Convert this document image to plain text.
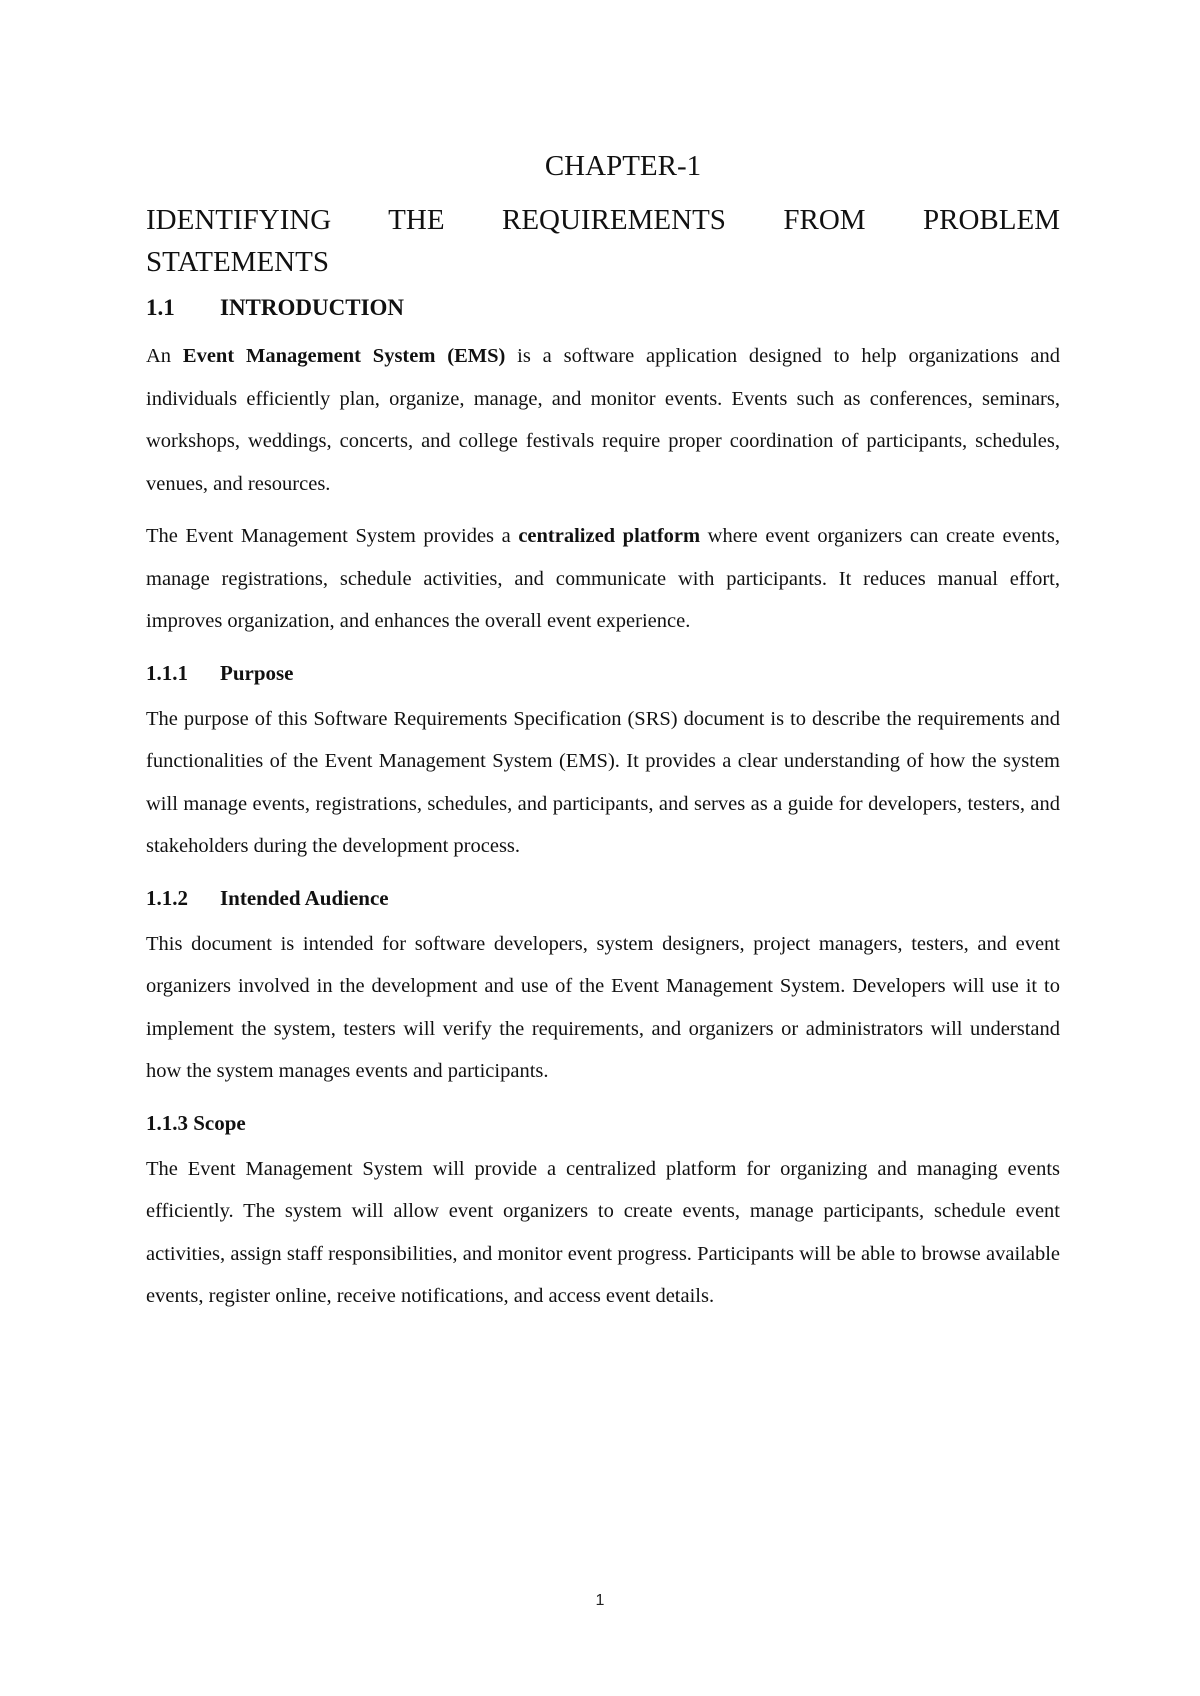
CHAPTER-1
IDENTIFYING THE REQUIREMENTS FROM PROBLEM STATEMENTS
1.1 INTRODUCTION

An Event Management System (EMS) is a software application designed to help organizations and individuals efficiently plan, organize, manage, and monitor events. Events such as conferences, seminars, workshops, weddings, concerts, and college festivals require proper coordination of participants, schedules, venues, and resources.

The Event Management System provides a centralized platform where event organizers can create events, manage registrations, schedule activities, and communicate with participants. It reduces manual effort, improves organization, and enhances the overall event experience.

1.1.1 Purpose

The purpose of this Software Requirements Specification (SRS) document is to describe the requirements and functionalities of the Event Management System (EMS). It provides a clear understanding of how the system will manage events, registrations, schedules, and participants, and serves as a guide for developers, testers, and stakeholders during the development process.

1.1.2 Intended Audience

This document is intended for software developers, system designers, project managers, testers, and event organizers involved in the development and use of the Event Management System. Developers will use it to implement the system, testers will verify the requirements, and organizers or administrators will understand how the system manages events and participants.

1.1.3 Scope

The Event Management System will provide a centralized platform for organizing and managing events efficiently. The system will allow event organizers to create events, manage participants, schedule event activities, assign staff responsibilities, and monitor event progress. Participants will be able to browse available events, register online, receive notifications, and access event details.

1
